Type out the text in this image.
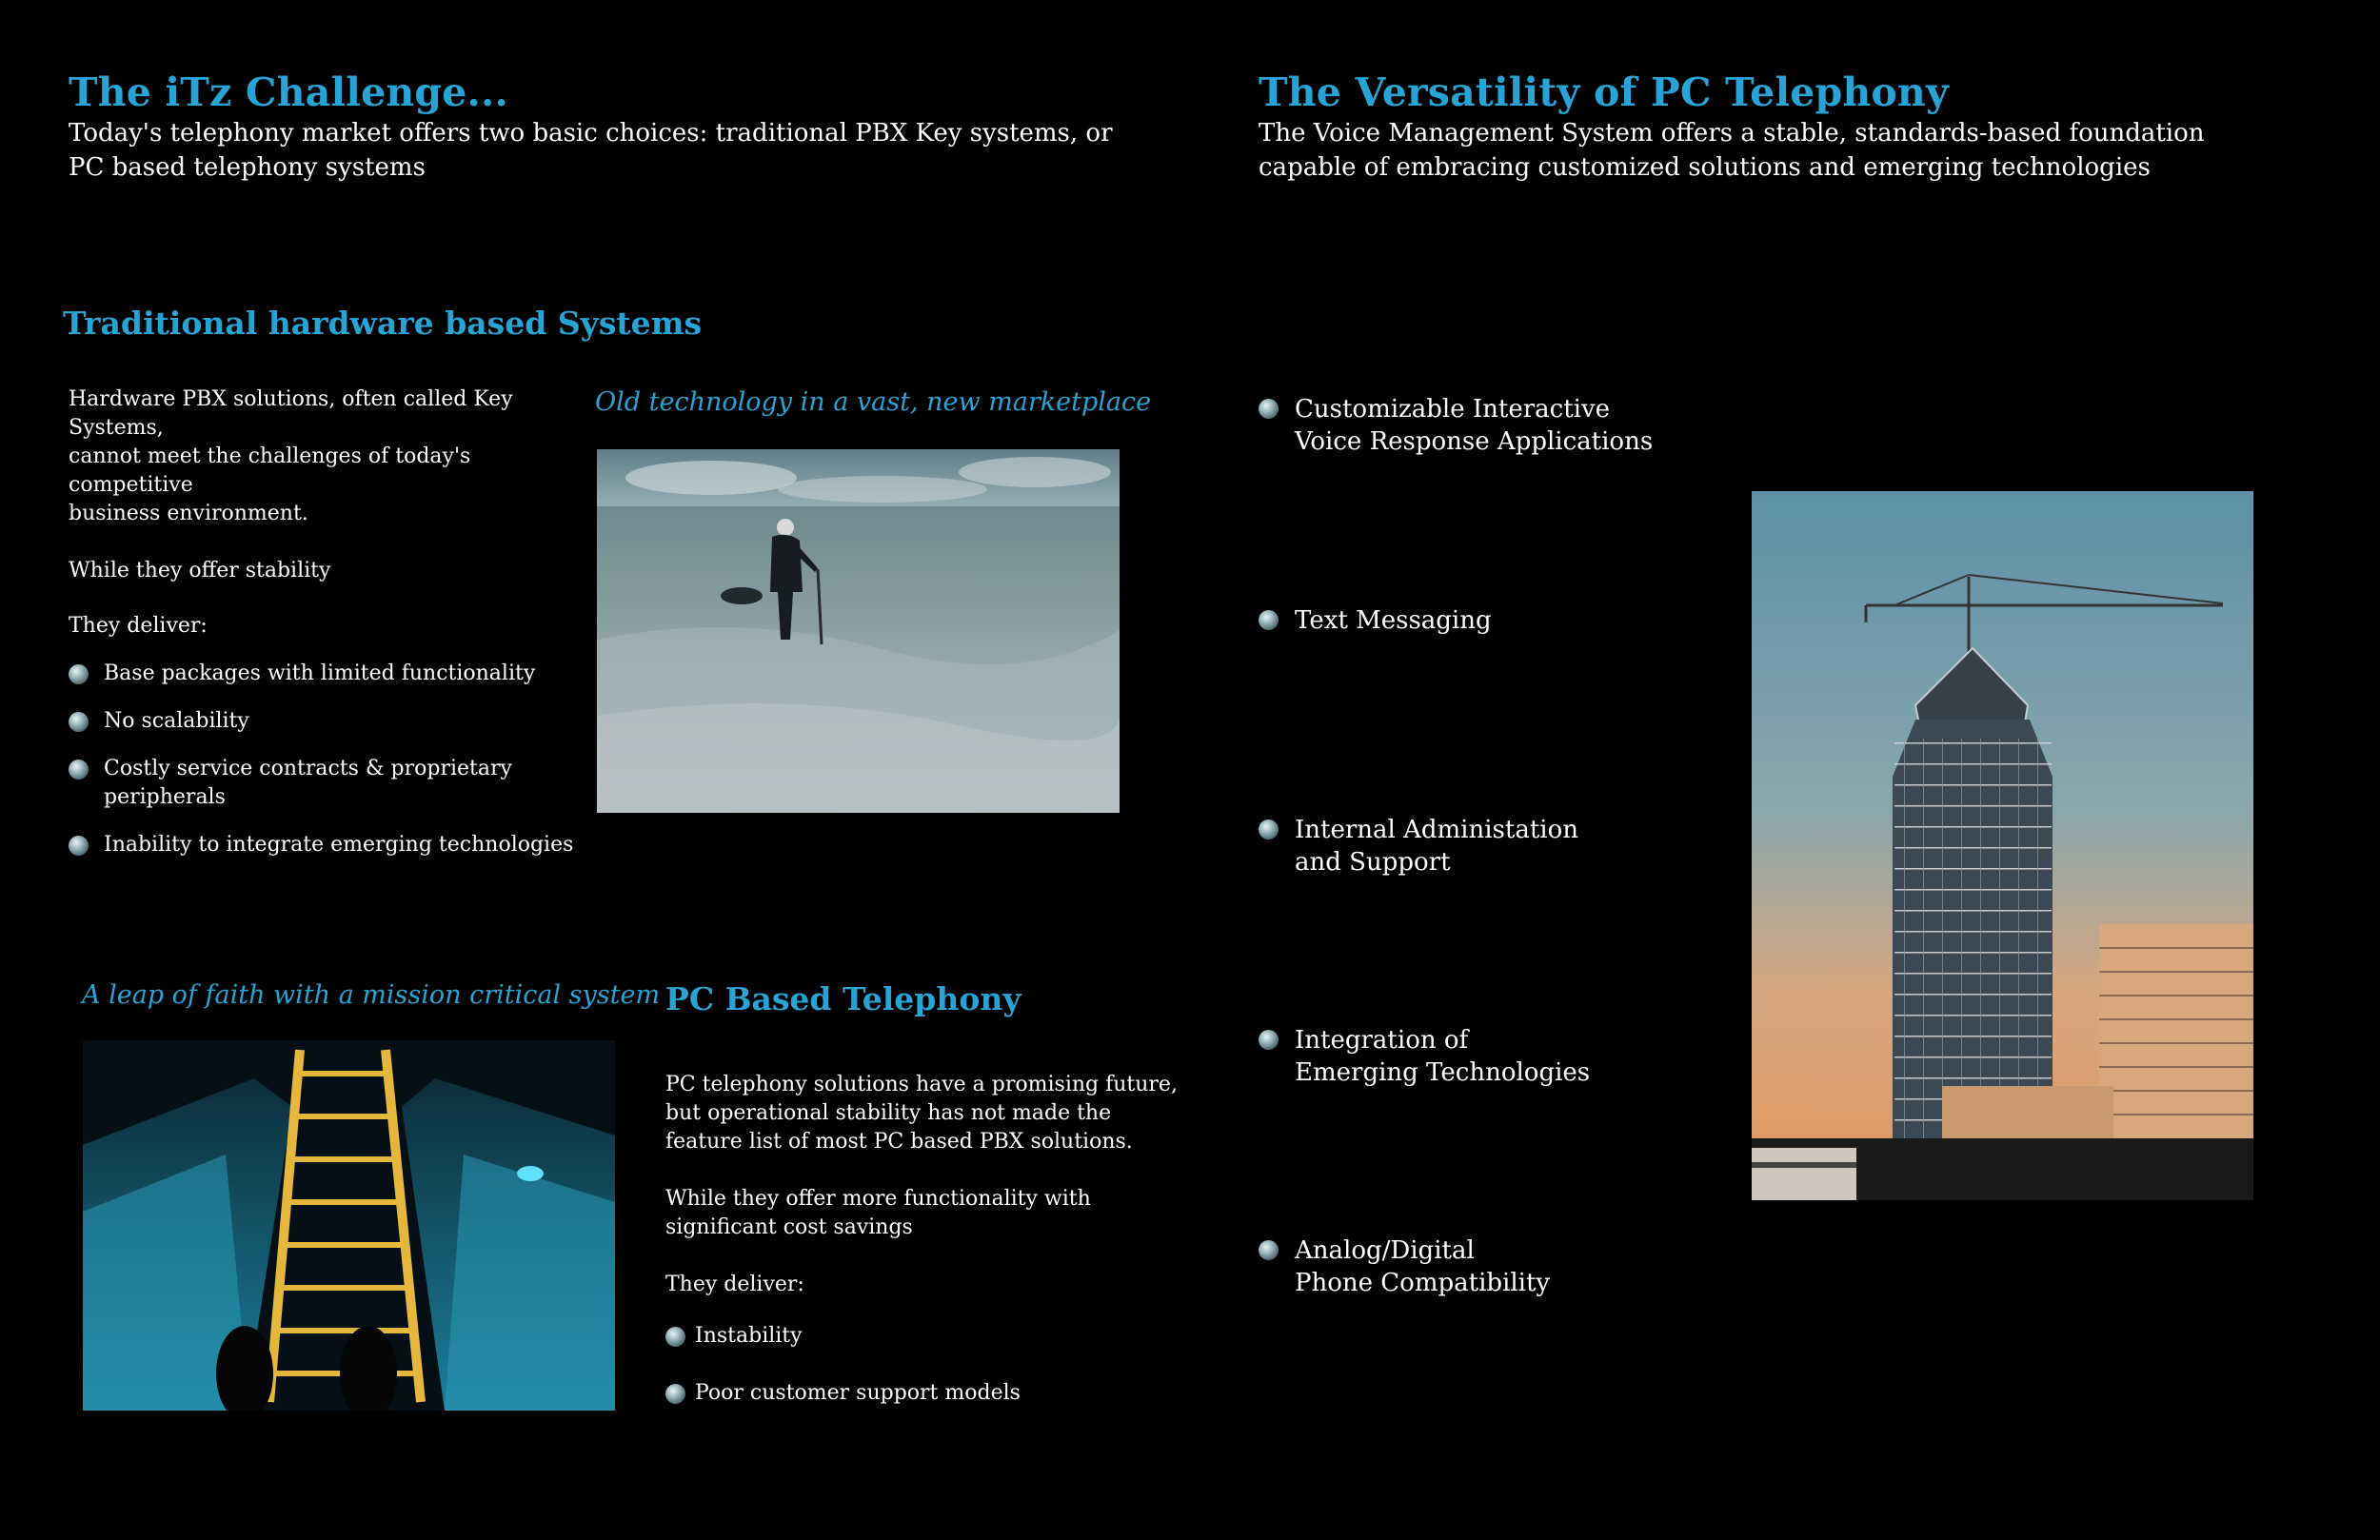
The iTz Challenge...
Today's telephony market offers two basic choices: traditional PBX Key systems, or PC based telephony systems
The Versatility of PC Telephony
The Voice Management System offers a stable, standards-based foundation capable of embracing customized solutions and emerging technologies
Traditional hardware based Systems

Hardware PBX solutions, often called Key Systems,
cannot meet the challenges of today's competitive
business environment.

While they offer stability

They deliver:

Base packages with limited functionality
No scalability
Costly service contracts & proprietary
peripherals
Inability to integrate emerging technologies
Old technology in a vast, new marketplace
A leap of faith with a mission critical system PC Based Telephony

PC telephony solutions have a promising future,
but operational stability has not made the
feature list of most PC based PBX solutions.

While they offer more functionality with
significant cost savings

They deliver:

Instability
Poor customer support models
Customizable Interactive
Voice Response Applications
Text Messaging
Internal Administation
and Support
Integration of
Emerging Technologies
Analog/Digital
Phone Compatibility
